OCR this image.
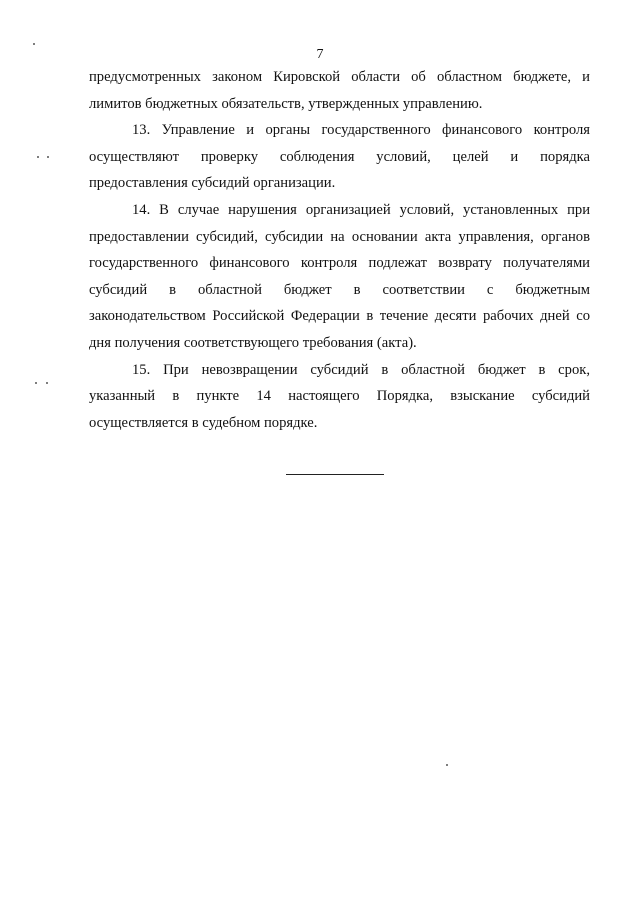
7

предусмотренных законом Кировской области об областном бюджете, и
лимитов бюджетных обязательств, утвержденных управлению.

13. Управление и органы государственного финансового контроля
осуществляют проверку соблюдения условий, целей и порядка
предоставления субсидий организации.

14. В случае нарушения организацией условий, установленных при
предоставлении субсидий, субсидии на основании акта управления, органов
государственного финансового контроля подлежат возврату получателями
субсидий в областной бюджет в соответствии с бюджетным
законодательством Российской Федерации в течение десяти рабочих дней со
дня получения соответствующего требования (акта).

15. При невозвращении субсидий в областной бюджет в срок,
указанный в пункте 14 настоящего Порядка, взыскание субсидий
осуществляется в судебном порядке.
